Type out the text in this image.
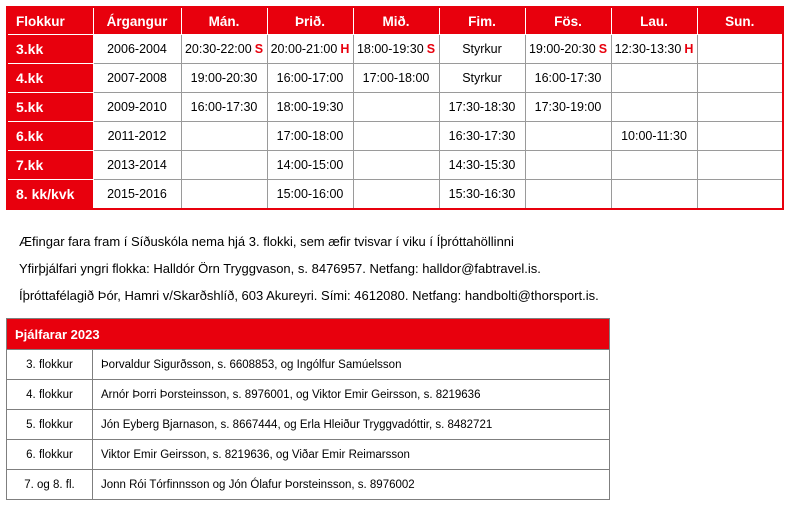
Flokkur	Árgangur	Mán.	Þrið.	Mið.	Fim.	Fös.	Lau.	Sun.
3.kk	2006-2004	20:30-22:00 S	20:00-21:00 H	18:00-19:30 S	Styrkur	19:00-20:30 S	12:30-13:30 H	
4.kk	2007-2008	19:00-20:30	16:00-17:00	17:00-18:00	Styrkur	16:00-17:30		
5.kk	2009-2010	16:00-17:30	18:00-19:30		17:30-18:30	17:30-19:00		
6.kk	2011-2012		17:00-18:00		16:30-17:30		10:00-11:30	
7.kk	2013-2014		14:00-15:00		14:30-15:30			
8. kk/kvk	2015-2016		15:00-16:00		15:30-16:30			
Æfingar fara fram í Síðuskóla nema hjá 3. flokki, sem æfir tvisvar í viku í Íþróttahöllinni
Yfirþjálfari yngri flokka: Halldór Örn Tryggvason, s. 8476957. Netfang: halldor@fabtravel.is.
Íþróttafélagið Þór, Hamri v/Skarðshlíð, 603 Akureyri. Sími: 4612080. Netfang: handbolti@thorsport.is.
Þjálfarar 2023	
3. flokkur	Þorvaldur Sigurðsson, s. 6608853, og Ingólfur Samúelsson
4. flokkur	Arnór Þorri Þorsteinsson, s. 8976001, og Viktor Emir Geirsson, s. 8219636
5. flokkur	Jón Eyberg Bjarnason, s. 8667444, og Erla Hleiður Tryggvadóttir, s. 8482721
6. flokkur	Viktor Emir Geirsson, s. 8219636, og Viðar Emir Reimarsson
7. og 8. fl.	Jonn Rói Tórfinnsson og Jón Ólafur Þorsteinsson, s. 8976002
